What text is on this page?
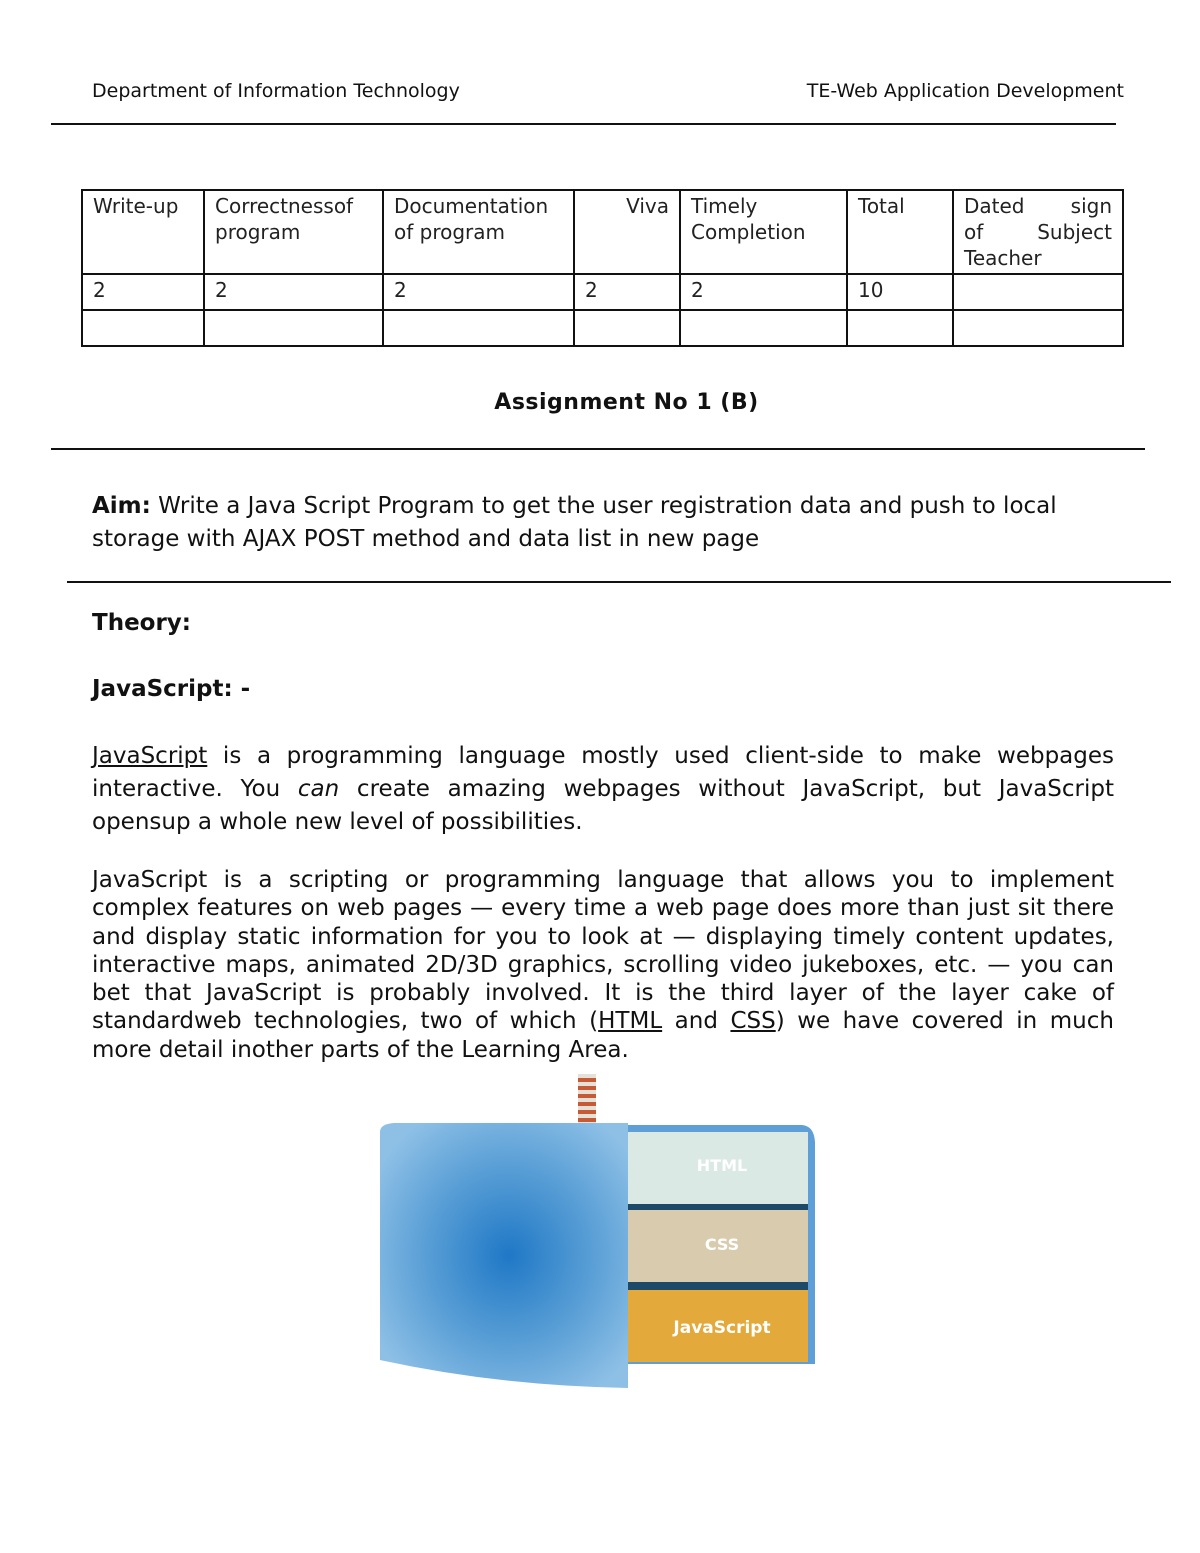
Department of Information Technology	TE-Web Application Development
Write-up	Correctnessof program	Documentation of program	Viva	Timely Completion	Total	Dated sign
of Subject
Teacher

2	2	2	2	2	10	

Assignment No 1 (B)
Aim: Write a Java Script Program to get the user registration data and push to local storage with AJAX POST method and data list in new page
Theory:
JavaScript: -
JavaScript is a programming language mostly used client-side to make webpages interactive. You can create amazing webpages without JavaScript, but JavaScript opensup a whole new level of possibilities.
JavaScript is a scripting or programming language that allows you to implement complex features on web pages — every time a web page does more than just sit there and display static information for you to look at — displaying timely content updates, interactive maps, animated 2D/3D graphics, scrolling video jukeboxes, etc. — you can bet that JavaScript is probably involved. It is the third layer of the layer cake of standardweb technologies, two of which (HTML and CSS) we have covered in much more detail inother parts of the Learning Area.
HTML
CSS
JavaScript
